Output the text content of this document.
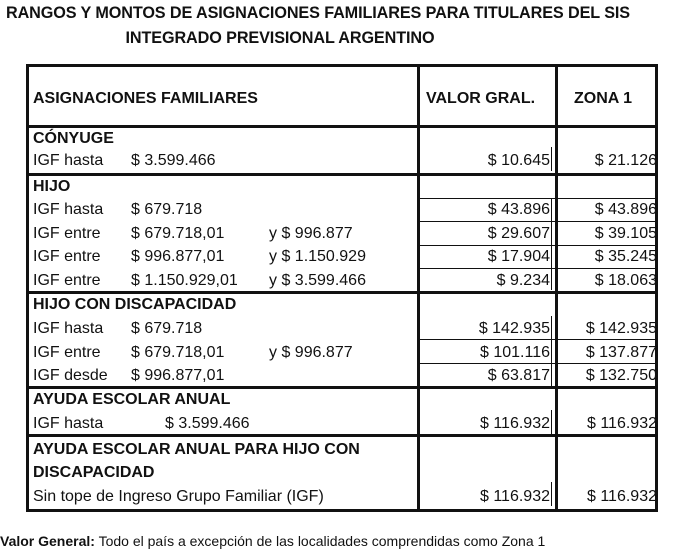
RANGOS Y MONTOS DE ASIGNACIONES FAMILIARES PARA TITULARES DEL SIS
INTEGRADO PREVISIONAL ARGENTINO
ASIGNACIONES FAMILIARES	VALOR GRAL. ZONA 1
CÓNYUGE
IGF hasta $ 3.599.466	$ 10.645	$ 21.126
HIJO
IGF hasta $ 679.718	$ 43.896	$ 43.896
IGF entre $ 679.718,01	y $ 996.877	$ 29.607	$ 39.105
IGF entre $ 996.877,01	y $ 1.150.929	$ 17.904	$ 35.245
IGF entre $ 1.150.929,01 y $ 3.599.466	$ 9.234	$ 18.063
HIJO CON DISCAPACIDAD
IGF hasta $ 679.718	$ 142.935	$ 142.935
IGF entre $ 679.718,01	y $ 996.877	$ 101.116	$ 137.877
IGF desde $ 996.877,01	$ 63.817	$ 132.750
AYUDA ESCOLAR ANUAL
IGF hasta	$ 3.599.466	$ 116.932	$ 116.932
AYUDA ESCOLAR ANUAL PARA HIJO CON
DISCAPACIDAD
Sin tope de Ingreso Grupo Familiar (IGF)	$ 116.932	$ 116.932
Valor General: Todo el país a excepción de las localidades comprendidas como Zona 1
